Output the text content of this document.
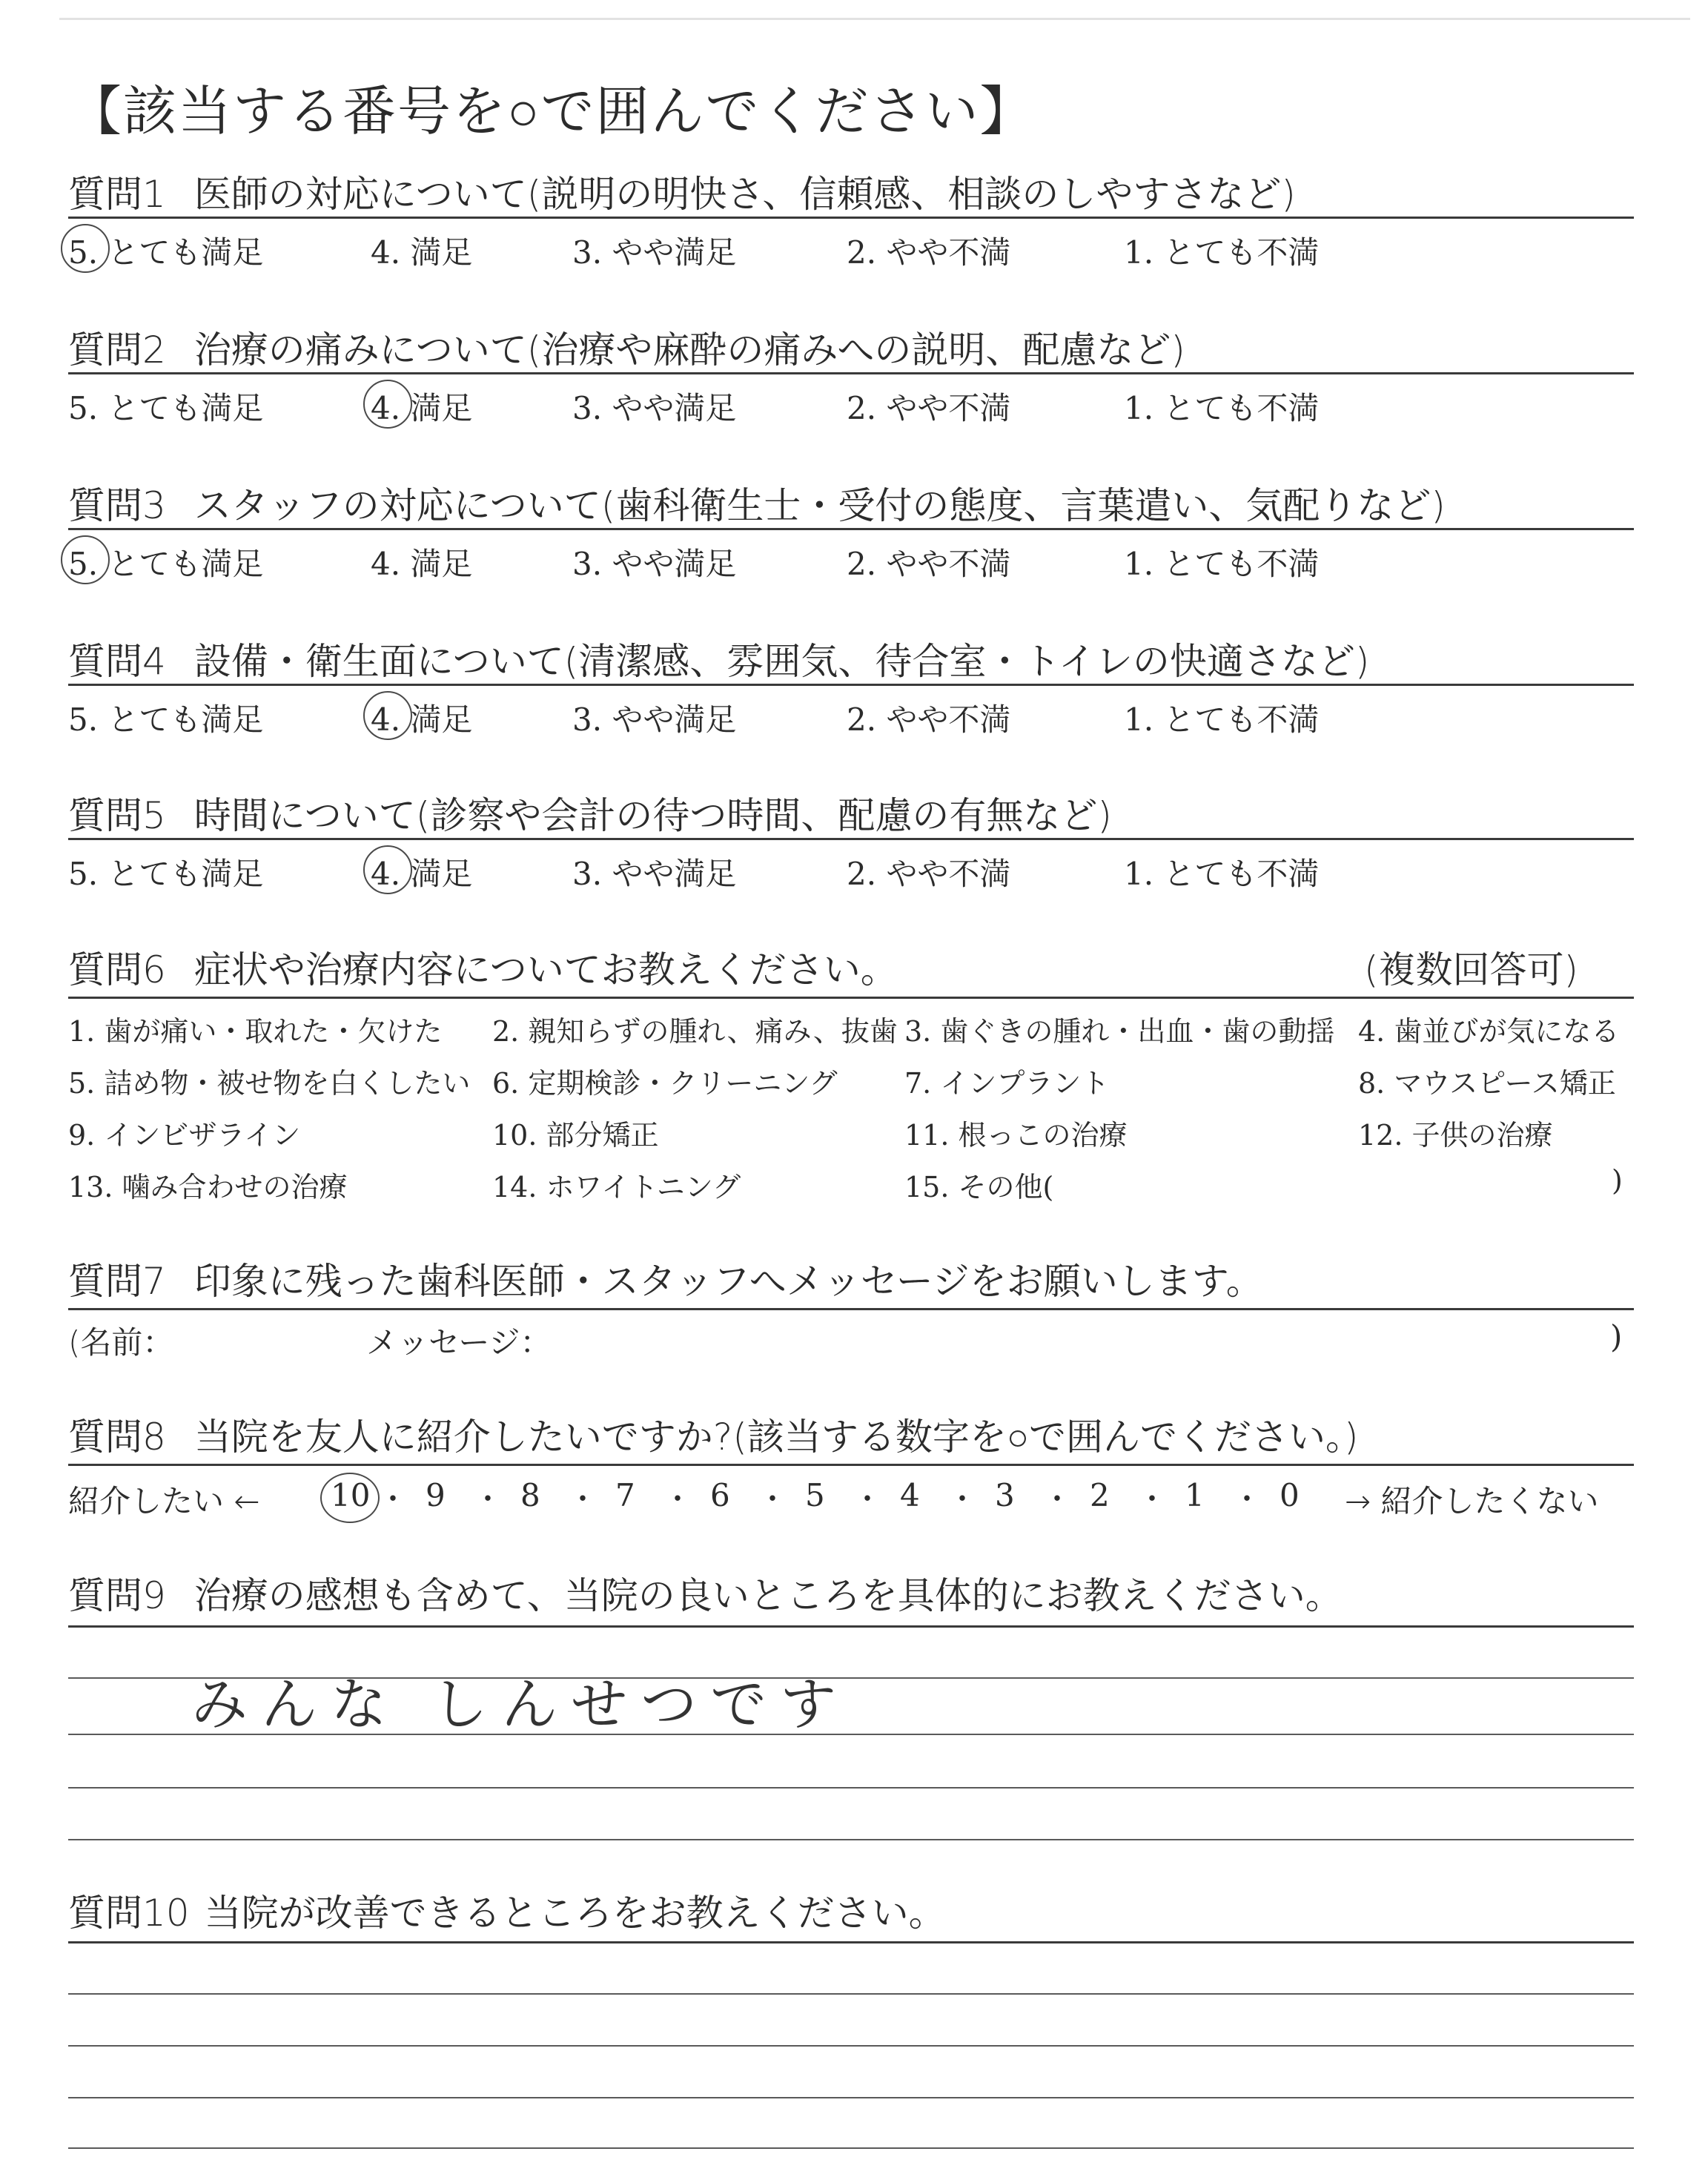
【該当する番号を○で囲んでください】
質問1 医師の対応について(説明の明快さ、信頼感、相談のしやすさなど)
5. とても満足	4. 満足	3. やや満足	2. やや不満	1. とても不満
質問2 治療の痛みについて(治療や麻酔の痛みへの説明、配慮など)
5. とても満足	4. 満足	3. やや満足	2. やや不満	1. とても不満
質問3 スタッフの対応について(歯科衛生士・受付の態度、言葉遣い、気配りなど)
5. とても満足	4. 満足	3. やや満足	2. やや不満	1. とても不満
質問4 設備・衛生面について(清潔感、雰囲気、待合室・トイレの快適さなど)
5. とても満足	4. 満足	3. やや満足	2. やや不満	1. とても不満
質問5 時間について(診察や会計の待つ時間、配慮の有無など)
5. とても満足	4. 満足	3. やや満足	2. やや不満	1. とても不満
質問6 症状や治療内容についてお教えください。	(複数回答可)
1. 歯が痛い・取れた・欠けた 2. 親知らずの腫れ、痛み、抜歯 3. 歯ぐきの腫れ・出血・歯の動揺 4. 歯並びが気になる
5. 詰め物・被せ物を白くしたい 6. 定期検診・クリーニング 7. インプラント	8. マウスピース矯正
9. インビザライン	10. 部分矯正	11. 根っこの治療	12. 子供の治療
13. 噛み合わせの治療	14. ホワイトニング	15. その他(	)
質問7 印象に残った歯科医師・スタッフへメッセージをお願いします。
(名前：	メッセージ：	)
質問8 当院を友人に紹介したいですか?(該当する数字を○で囲んでください。)
紹介したい ← 10 ・ 9 ・ 8 ・ 7 ・ 6 ・ 5 ・ 4 ・ 3 ・ 2 ・ 1 ・ 0 → 紹介したくない
質問9 治療の感想も含めて、当院の良いところを具体的にお教えください。
みんな しんせつです
質問10 当院が改善できるところをお教えください。
